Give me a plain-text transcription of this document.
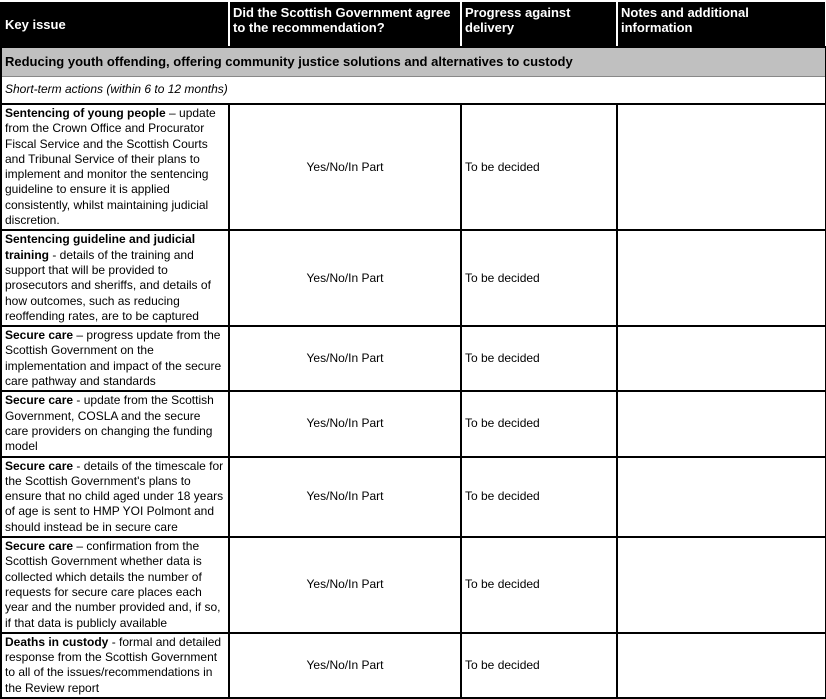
Key issue	Did the Scottish Government agree to the recommendation?	Progress against delivery	Notes and additional information
Reducing youth offending, offering community justice solutions and alternatives to custody			
Short-term actions (within 6 to 12 months)			
Sentencing of young people – update from the Crown Office and Procurator Fiscal Service and the Scottish Courts and Tribunal Service of their plans to implement and monitor the sentencing guideline to ensure it is applied consistently, whilst maintaining judicial discretion.	Yes/No/In Part	To be decided	
Sentencing guideline and judicial training - details of the training and support that will be provided to prosecutors and sheriffs, and details of how outcomes, such as reducing reoffending rates, are to be captured	Yes/No/In Part	To be decided	
Secure care – progress update from the Scottish Government on the implementation and impact of the secure care pathway and standards	Yes/No/In Part	To be decided	
Secure care - update from the Scottish Government, COSLA and the secure care providers on changing the funding model	Yes/No/In Part	To be decided	
Secure care - details of the timescale for the Scottish Government's plans to ensure that no child aged under 18 years of age is sent to HMP YOI Polmont and should instead be in secure care	Yes/No/In Part	To be decided	
Secure care – confirmation from the Scottish Government whether data is collected which details the number of requests for secure care places each year and the number provided and, if so, if that data is publicly available	Yes/No/In Part	To be decided	
Deaths in custody - formal and detailed response from the Scottish Government to all of the issues/recommendations in the Review report	Yes/No/In Part	To be decided	
